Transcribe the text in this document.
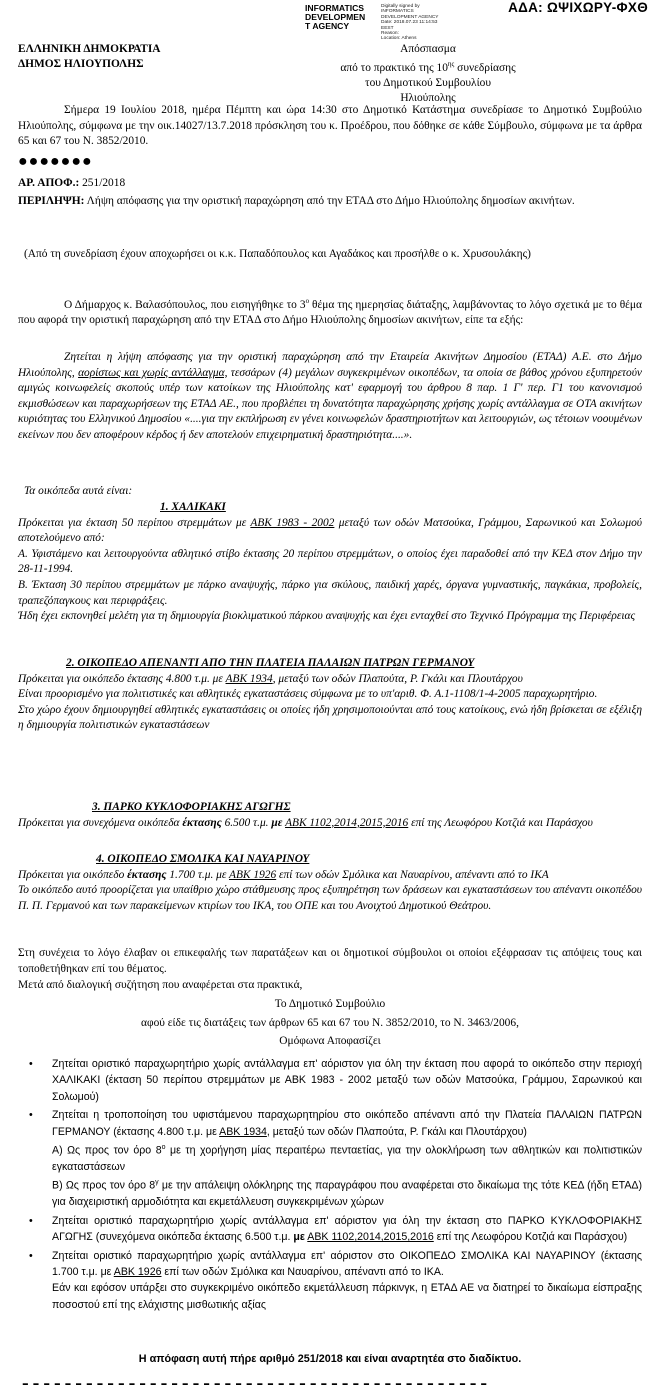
ΑΔΑ: ΩΨΙΧΩΡΥ-ΦΧΘ
INFORMATICS
DEVELOPMEN
T AGENCY
Digitally signed by
INFORMATICS
DEVELOPMENT AGENCY
Date: 2018.07.23 11:14:53
EEST
Reason:
Location: Athens
ΕΛΛΗΝΙΚΗ ΔΗΜΟΚΡΑΤΙΑ
ΔΗΜΟΣ ΗΛΙΟΥΠΟΛΗΣ
Απόσπασμα
από το πρακτικό της $10^{\eta\varsigma}$ συνεδρίασης
του Δημοτικού Συμβουλίου Ηλιούπολης
Σήμερα 19 Ιουλίου 2018, ημέρα Πέμπτη και ώρα 14:30 στο Δημοτικό Κατάστημα συνεδρίασε το Δημοτικό Συμβούλιο Ηλιούπολης, σύμφωνα με την οικ.14027/13.7.2018 πρόσκληση του κ. Προέδρου, που δόθηκε σε κάθε Σύμβουλο, σύμφωνα με τα άρθρα 65 και 67 του Ν. 3852/2010.
●●●●●●●
ΑΡ. ΑΠΟΦ.: 251/2018
ΠΕΡΙΛΗΨΗ: Λήψη απόφασης για την οριστική παραχώρηση από την ΕΤΑΔ στο Δήμο Ηλιούπολης δημοσίων ακινήτων.
(Από τη συνεδρίαση έχουν αποχωρήσει οι κ.κ. Παπαδόπουλος και Αγαδάκος και προσήλθε ο κ. Χρυσουλάκης)
Ο Δήμαρχος κ. Βαλασόπουλος, που εισηγήθηκε το $3^o$ θέμα της ημερησίας διάταξης, λαμβάνοντας το λόγο σχετικά με το θέμα που αφορά την οριστική παραχώρηση από την ΕΤΑΔ στο Δήμο Ηλιούπολης δημοσίων ακινήτων, είπε τα εξής:
Ζητείται η λήψη απόφασης για την οριστική παραχώρηση από την Εταιρεία Ακινήτων Δημοσίου (ΕΤΑΔ) Α.Ε. στο Δήμο Ηλιούπολης, αορίστως και χωρίς αντάλλαγμα, τεσσάρων (4) μεγάλων συγκεκριμένων οικοπέδων, τα οποία σε βάθος χρόνου εξυπηρετούν αμιγώς κοινωφελείς σκοπούς υπέρ των κατοίκων της Ηλιούπολης κατ' εφαρμογή του άρθρου 8 παρ. 1 Γ' περ. Γ1 του κανονισμού εκμισθώσεων και παραχωρήσεων της ΕΤΑΔ ΑΕ., που προβλέπει τη δυνατότητα παραχώρησης χρήσης χωρίς αντάλλαγμα σε ΟΤΑ ακινήτων κυριότητας του Ελληνικού Δημοσίου «....για την εκπλήρωση εν γένει κοινωφελών δραστηριοτήτων και λειτουργιών, ως τέτοιων νοουμένων εκείνων που δεν αποφέρουν κέρδος ή δεν αποτελούν επιχειρηματική δραστηριότητα....».
Τα οικόπεδα αυτά είναι:
1. ΧΑΛΙΚΑΚΙ
Πρόκειται για έκταση 50 περίπου στρεμμάτων με ΑΒΚ 1983 - 2002 μεταξύ των οδών Ματσούκα, Γράμμου, Σαρωνικού και Σολωμού αποτελούμενο από:
Α. Υφιστάμενο και λειτουργούντα αθλητικό στίβο έκτασης 20 περίπου στρεμμάτων, ο οποίος έχει παραδοθεί από την ΚΕΔ στον Δήμο την 28-11-1994.
Β. Έκταση 30 περίπου στρεμμάτων με πάρκο αναψυχής, πάρκο για σκύλους, παιδική χαρές, όργανα γυμναστικής, παγκάκια, προβολείς, τραπεζόπαγκους και περιφράξεις.
Ήδη έχει εκπονηθεί μελέτη για τη δημιουργία βιοκλιματικού πάρκου αναψυχής και έχει ενταχθεί στο Τεχνικό Πρόγραμμα της Περιφέρειας
2. ΟΙΚΟΠΕΔΟ ΑΠΕΝΑΝΤΙ ΑΠΟ ΤΗΝ ΠΛΑΤΕΙΑ ΠΑΛΑΙΩΝ ΠΑΤΡΩΝ ΓΕΡΜΑΝΟΥ
Πρόκειται για οικόπεδο έκτασης 4.800 τ.μ. με ΑΒΚ 1934, μεταξύ των οδών Πλαπούτα, Ρ. Γκάλι και Πλουτάρχου
Είναι προορισμένο για πολιτιστικές και αθλητικές εγκαταστάσεις σύμφωνα με το υπ'αριθ. Φ. Α.1-1108/1-4-2005 παραχωρητήριο.
Στο χώρο έχουν δημιουργηθεί αθλητικές εγκαταστάσεις οι οποίες ήδη χρησιμοποιούνται από τους κατοίκους, ενώ ήδη βρίσκεται σε εξέλιξη η δημιουργία πολιτιστικών εγκαταστάσεων
3. ΠΑΡΚΟ ΚΥΚΛΟΦΟΡΙΑΚΗΣ ΑΓΩΓΗΣ
Πρόκειται για συνεχόμενα οικόπεδα έκτασης 6.500 τ.μ. με ΑΒΚ 1102,2014,2015,2016 επί της Λεωφόρου Κοτζιά και Παράσχου
4. ΟΙΚΟΠΕΔΟ ΣΜΟΛΙΚΑ ΚΑΙ ΝΑΥΑΡΙΝΟΥ
Πρόκειται για οικόπεδο έκτασης 1.700 τ.μ. με ΑΒΚ 1926 επί των οδών Σμόλικα και Ναυαρίνου, απέναντι από το ΙΚΑ
Το οικόπεδο αυτό προορίζεται για υπαίθριο χώρο στάθμευσης προς εξυπηρέτηση των δράσεων και εγκαταστάσεων του απέναντι οικοπέδου Π. Π. Γερμανού και των παρακείμενων κτιρίων του ΙΚΑ, του ΟΠΕ και του Ανοιχτού Δημοτικού Θεάτρου.
Στη συνέχεια το λόγο έλαβαν οι επικεφαλής των παρατάξεων και οι δημοτικοί σύμβουλοι οι οποίοι εξέφρασαν τις απόψεις τους και τοποθετήθηκαν επί του θέματος.
Μετά από διαλογική συζήτηση που αναφέρεται στα πρακτικά,
Το Δημοτικό Συμβούλιο
αφού είδε τις διατάξεις των άρθρων 65 και 67 του Ν. 3852/2010, το Ν. 3463/2006,
Ομόφωνα Αποφασίζει
• Ζητείται οριστικό παραχωρητήριο χωρίς αντάλλαγμα επ' αόριστον για όλη την έκταση που αφορά το οικόπεδο στην περιοχή ΧΑΛΙΚΑΚΙ (έκταση 50 περίπου στρεμμάτων με ΑΒΚ 1983 - 2002 μεταξύ των οδών Ματσούκα, Γράμμου, Σαρωνικού και Σολωμού)
• Ζητείται η τροποποίηση του υφιστάμενου παραχωρητηρίου στο οικόπεδο απέναντι από την Πλατεία ΠΑΛΑΙΩΝ ΠΑΤΡΩΝ ΓΕΡΜΑΝΟΥ (έκτασης 4.800 τ.μ. με ΑΒΚ 1934, μεταξύ των οδών Πλαπούτα, Ρ. Γκάλι και Πλουτάρχου)
Α) Ως προς τον όρο $8^o$ με τη χορήγηση μίας περαιτέρω πενταετίας, για την ολοκλήρωση των αθλητικών και πολιτιστικών εγκαταστάσεων
Β) Ως προς τον όρο $8^\gamma$ με την απάλειψη ολόκληρης της παραγράφου που αναφέρεται στο δικαίωμα της τότε ΚΕΔ (ήδη ΕΤΑΔ) για διαχειριστική αρμοδιότητα και εκμετάλλευση συγκεκριμένων χώρων
• Ζητείται οριστικό παραχωρητήριο χωρίς αντάλλαγμα επ' αόριστον για όλη την έκταση στο ΠΑΡΚΟ ΚΥΚΛΟΦΟΡΙΑΚΗΣ ΑΓΩΓΗΣ (συνεχόμενα οικόπεδα έκτασης 6.500 τ.μ. με ΑΒΚ 1102,2014,2015,2016 επί της Λεωφόρου Κοτζιά και Παράσχου)
• Ζητείται οριστικό παραχωρητήριο χωρίς αντάλλαγμα επ' αόριστον στο ΟΙΚΟΠΕΔΟ ΣΜΟΛΙΚΑ ΚΑΙ ΝΑΥΑΡΙΝΟΥ (έκτασης 1.700 τ.μ. με ΑΒΚ 1926 επί των οδών Σμόλικα και Ναυαρίνου, απέναντι από το ΙΚΑ.
Εάν και εφόσον υπάρξει στο συγκεκριμένο οικόπεδο εκμετάλλευση πάρκινγκ, η ΕΤΑΔ ΑΕ να διατηρεί το δικαίωμα είσπραξης ποσοστού επί της ελάχιστης μισθωτικής αξίας
Η απόφαση αυτή πήρε αριθμό 251/2018 και είναι αναρτητέα στο διαδίκτυο.
--------------------------------------------
